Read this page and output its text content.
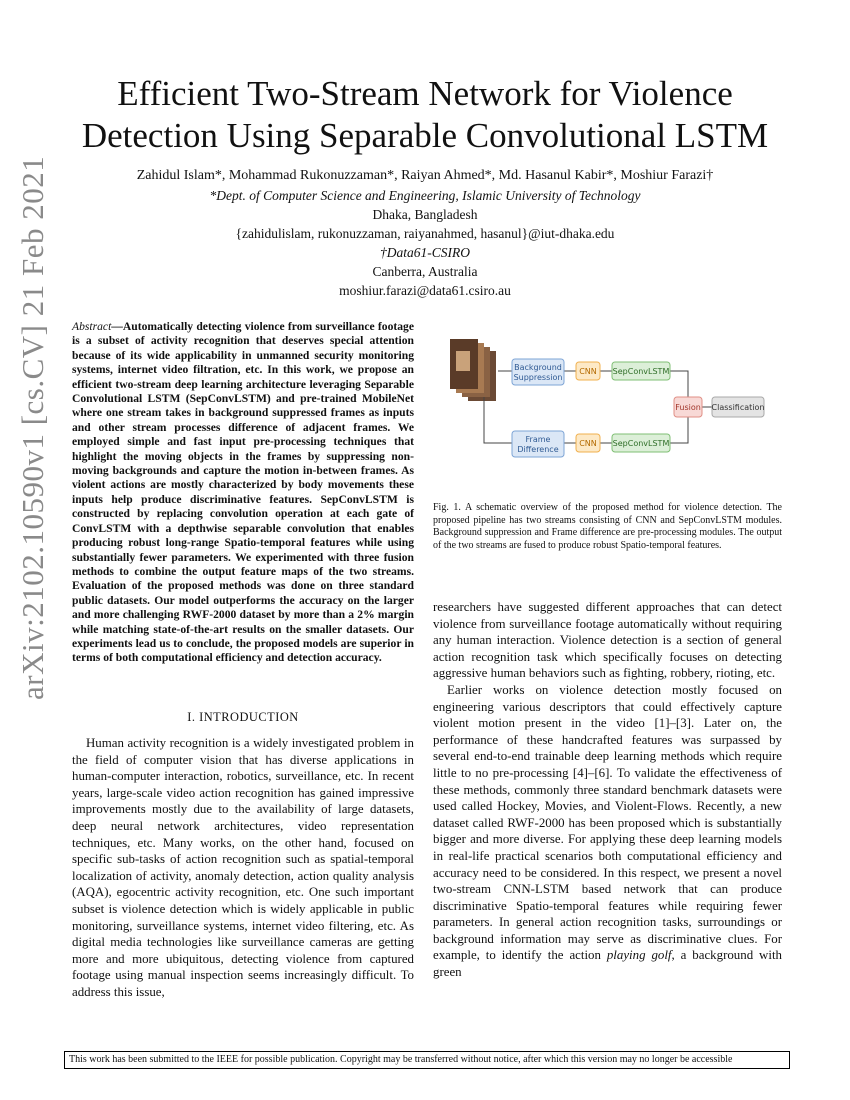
arXiv:2102.10590v1 [cs.CV] 21 Feb 2021
Efficient Two-Stream Network for Violence
Detection Using Separable Convolutional LSTM
Zahidul Islam*, Mohammad Rukonuzzaman*, Raiyan Ahmed*, Md. Hasanul Kabir*, Moshiur Farazi†
*Dept. of Computer Science and Engineering, Islamic University of Technology
Dhaka, Bangladesh
{zahidulislam, rukonuzzaman, raiyanahmed, hasanul}@iut-dhaka.edu
†Data61-CSIRO
Canberra, Australia
moshiur.farazi@data61.csiro.au
Abstract—Automatically detecting violence from surveillance footage is a subset of activity recognition that deserves special attention because of its wide applicability in unmanned security monitoring systems, internet video filtration, etc. In this work, we propose an efficient two-stream deep learning architecture leveraging Separable Convolutional LSTM (SepConvLSTM) and pre-trained MobileNet where one stream takes in background suppressed frames as inputs and other stream processes difference of adjacent frames. We employed simple and fast input pre-processing techniques that highlight the moving objects in the frames by suppressing non-moving backgrounds and capture the motion in-between frames. As violent actions are mostly characterized by body movements these inputs help produce discriminative features. SepConvLSTM is constructed by replacing convolution operation at each gate of ConvLSTM with a depthwise separable convolution that enables producing robust long-range Spatio-temporal features while using substantially fewer parameters. We experimented with three fusion methods to combine the output feature maps of the two streams. Evaluation of the proposed methods was done on three standard public datasets. Our model outperforms the accuracy on the larger and more challenging RWF-2000 dataset by more than a 2% margin while matching state-of-the-art results on the smaller datasets. Our experiments lead us to conclude, the proposed models are superior in terms of both computational efficiency and detection accuracy.
I. INTRODUCTION

Human activity recognition is a widely investigated problem in the field of computer vision that has diverse applications in human-computer interaction, robotics, surveillance, etc. In recent years, large-scale video action recognition has gained impressive improvements mostly due to the availability of large datasets, deep neural network architectures, video representation techniques, etc. Many works, on the other hand, focused on specific sub-tasks of action recognition such as spatial-temporal localization of activity, anomaly detection, action quality analysis (AQA), egocentric activity recognition, etc. One such important subset is violence detection which is widely applicable in public monitoring, surveillance systems, internet video filtering, etc. As digital media technologies like surveillance cameras are getting more and more ubiquitous, detecting violence from captured footage using manual inspection seems increasingly difficult. To address this issue,

Background
Suppression
Frame
Difference
CNN
CNN
SepConvLSTM
SepConvLSTM
Fusion Classification
Fig. 1. A schematic overview of the proposed method for violence detection. The proposed pipeline has two streams consisting of CNN and SepConvLSTM modules. Background suppression and Frame difference are pre-processing modules. The output of the two streams are fused to produce robust Spatio-temporal features.

researchers have suggested different approaches that can detect violence from surveillance footage automatically without requiring any human interaction. Violence detection is a section of general action recognition task which specifically focuses on detecting aggressive human behaviors such as fighting, robbery, rioting, etc.

Earlier works on violence detection mostly focused on engineering various descriptors that could effectively capture violent motion present in the video [1]–[3]. Later on, the performance of these handcrafted features was surpassed by several end-to-end trainable deep learning methods which require little to no pre-processing [4]–[6]. To validate the effectiveness of these methods, commonly three standard benchmark datasets were used called Hockey, Movies, and Violent-Flows. Recently, a new dataset called RWF-2000 has been proposed which is substantially bigger and more diverse. For applying these deep learning models in real-life practical scenarios both computational efficiency and accuracy need to be considered. In this respect, we present a novel two-stream CNN-LSTM based network that can produce discriminative Spatio-temporal features while requiring fewer parameters. In general action recognition tasks, surroundings or background information may serve as discriminative clues. For example, to identify the action playing golf, a background with green

This work has been submitted to the IEEE for possible publication. Copyright may be transferred without notice, after which this version may no longer be accessible
